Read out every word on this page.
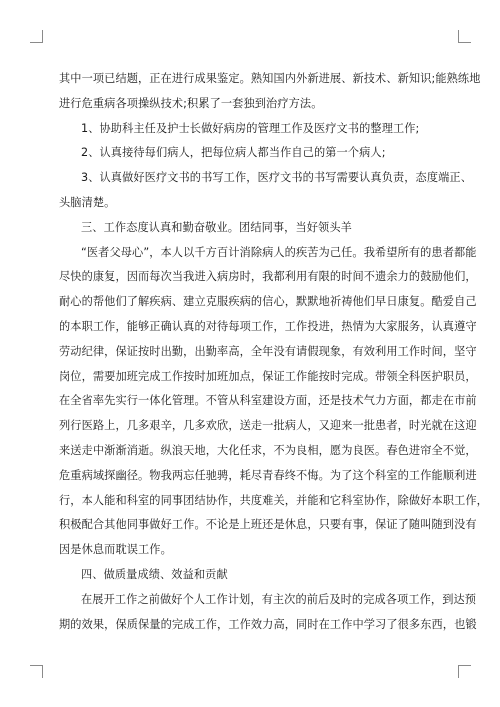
其中一项已结题，正在进行成果鉴定。熟知国内外新进展、新技术、新知识;能熟练地
进行危重病各项操纵技术;积累了一套独到治疗方法。
1、协助科主任及护士长做好病房的管理工作及医疗文书的整理工作;
2、认真接待每们病人，把每位病人都当作自己的第一个病人;
3、认真做好医疗文书的书写工作，医疗文书的书写需要认真负责，态度端正、
头脑清楚。
三、工作态度认真和勤奋敬业。团结同事，当好领头羊
“医者父母心”，本人以千方百计消除病人的疾苦为己任。我希望所有的患者都能
尽快的康复，因而每次当我进入病房时，我都利用有限的时间不遗余力的鼓励他们，
耐心的帮他们了解疾病、建立克服疾病的信心，默默地祈祷他们早日康复。酷爱自己
的本职工作，能够正确认真的对待每项工作，工作投进，热情为大家服务，认真遵守
劳动纪律，保证按时出勤，出勤率高，全年没有请假现象，有效利用工作时间，坚守
岗位，需要加班完成工作按时加班加点，保证工作能按时完成。带领全科医护职员，
在全省率先实行一体化管理。不管从科室建设方面，还是技术气力方面，都走在市前
列行医路上，几多艰辛，几多欢欣，送走一批病人，又迎来一批患者，时光就在这迎
来送走中渐渐消逝。纵浪天地，大化任求，不为良相，愿为良医。春色进帘全不觉，
危重病域探幽径。物我两忘任驰骋，耗尽青春终不悔。为了这个科室的工作能顺利进
行，本人能和科室的同事团结协作，共度难关，并能和它科室协作，除做好本职工作，
积极配合其他同事做好工作。不论是上班还是休息，只要有事，保证了随叫随到没有
因是休息而耽误工作。
四、做质量成绩、效益和贡献
在展开工作之前做好个人工作计划，有主次的前后及时的完成各项工作，到达预
期的效果，保质保量的完成工作，工作效力高，同时在工作中学习了很多东西，也锻
